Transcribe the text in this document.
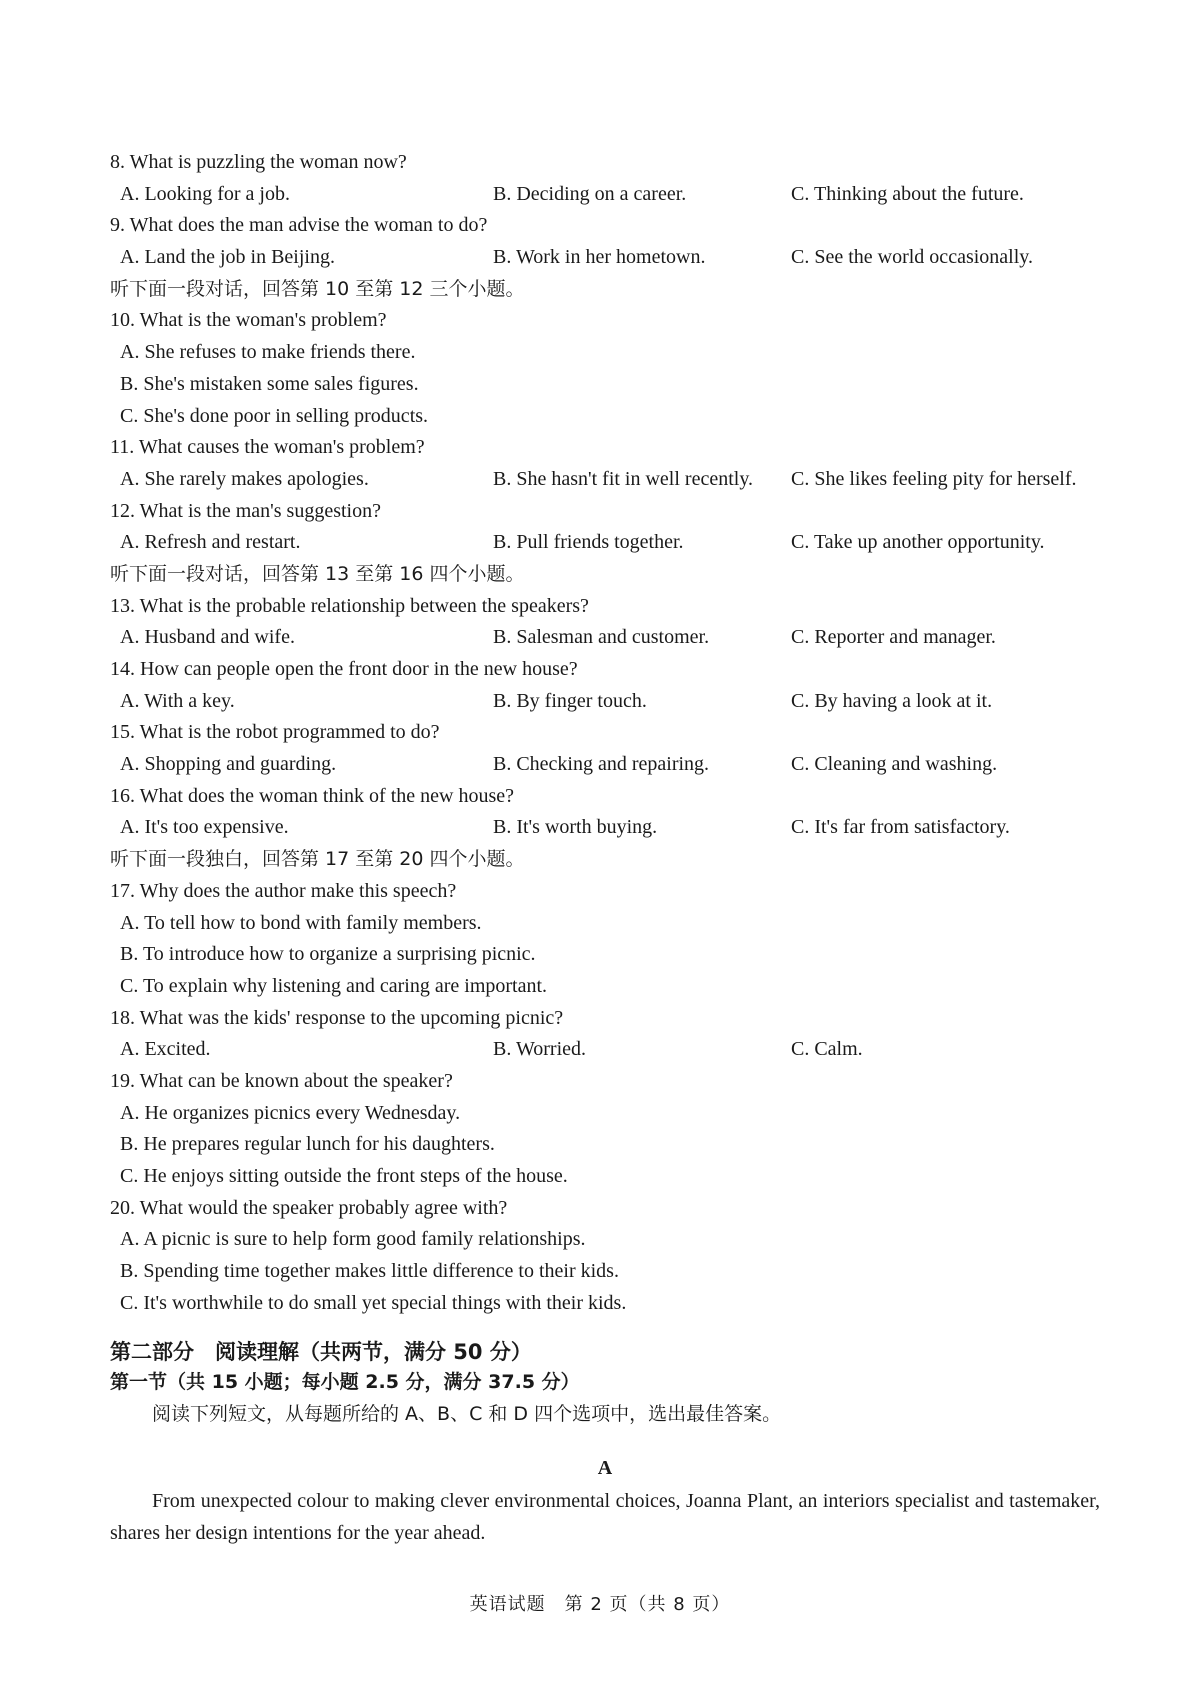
8. What is puzzling the woman now?
A. Looking for a job.	B. Deciding on a career.	C. Thinking about the future.
9. What does the man advise the woman to do?
A. Land the job in Beijing.	B. Work in her hometown.	C. See the world occasionally.
听下面一段对话，回答第 10 至第 12 三个小题。
10. What is the woman's problem?
A. She refuses to make friends there.
B. She's mistaken some sales figures.
C. She's done poor in selling products.
11. What causes the woman's problem?
A. She rarely makes apologies.	B. She hasn't fit in well recently.	C. She likes feeling pity for herself.
12. What is the man's suggestion?
A. Refresh and restart.	B. Pull friends together.	C. Take up another opportunity.
听下面一段对话，回答第 13 至第 16 四个小题。
13. What is the probable relationship between the speakers?
A. Husband and wife.	B. Salesman and customer.	C. Reporter and manager.
14. How can people open the front door in the new house?
A. With a key.	B. By finger touch.	C. By having a look at it.
15. What is the robot programmed to do?
A. Shopping and guarding.	B. Checking and repairing.	C. Cleaning and washing.
16. What does the woman think of the new house?
A. It's too expensive.	B. It's worth buying.	C. It's far from satisfactory.
听下面一段独白，回答第 17 至第 20 四个小题。
17. Why does the author make this speech?
A. To tell how to bond with family members.
B. To introduce how to organize a surprising picnic.
C. To explain why listening and caring are important.
18. What was the kids' response to the upcoming picnic?
A. Excited.	B. Worried.	C. Calm.
19. What can be known about the speaker?
A. He organizes picnics every Wednesday.
B. He prepares regular lunch for his daughters.
C. He enjoys sitting outside the front steps of the house.
20. What would the speaker probably agree with?
A. A picnic is sure to help form good family relationships.
B. Spending time together makes little difference to their kids.
C. It's worthwhile to do small yet special things with their kids.
第二部分　阅读理解（共两节，满分 50 分）
第一节（共 15 小题；每小题 2.5 分，满分 37.5 分）
阅读下列短文，从每题所给的 A、B、C 和 D 四个选项中，选出最佳答案。
A
From unexpected colour to making clever environmental choices, Joanna Plant, an interiors specialist and tastemaker, shares her design intentions for the year ahead.
英语试题　第 2 页（共 8 页）
